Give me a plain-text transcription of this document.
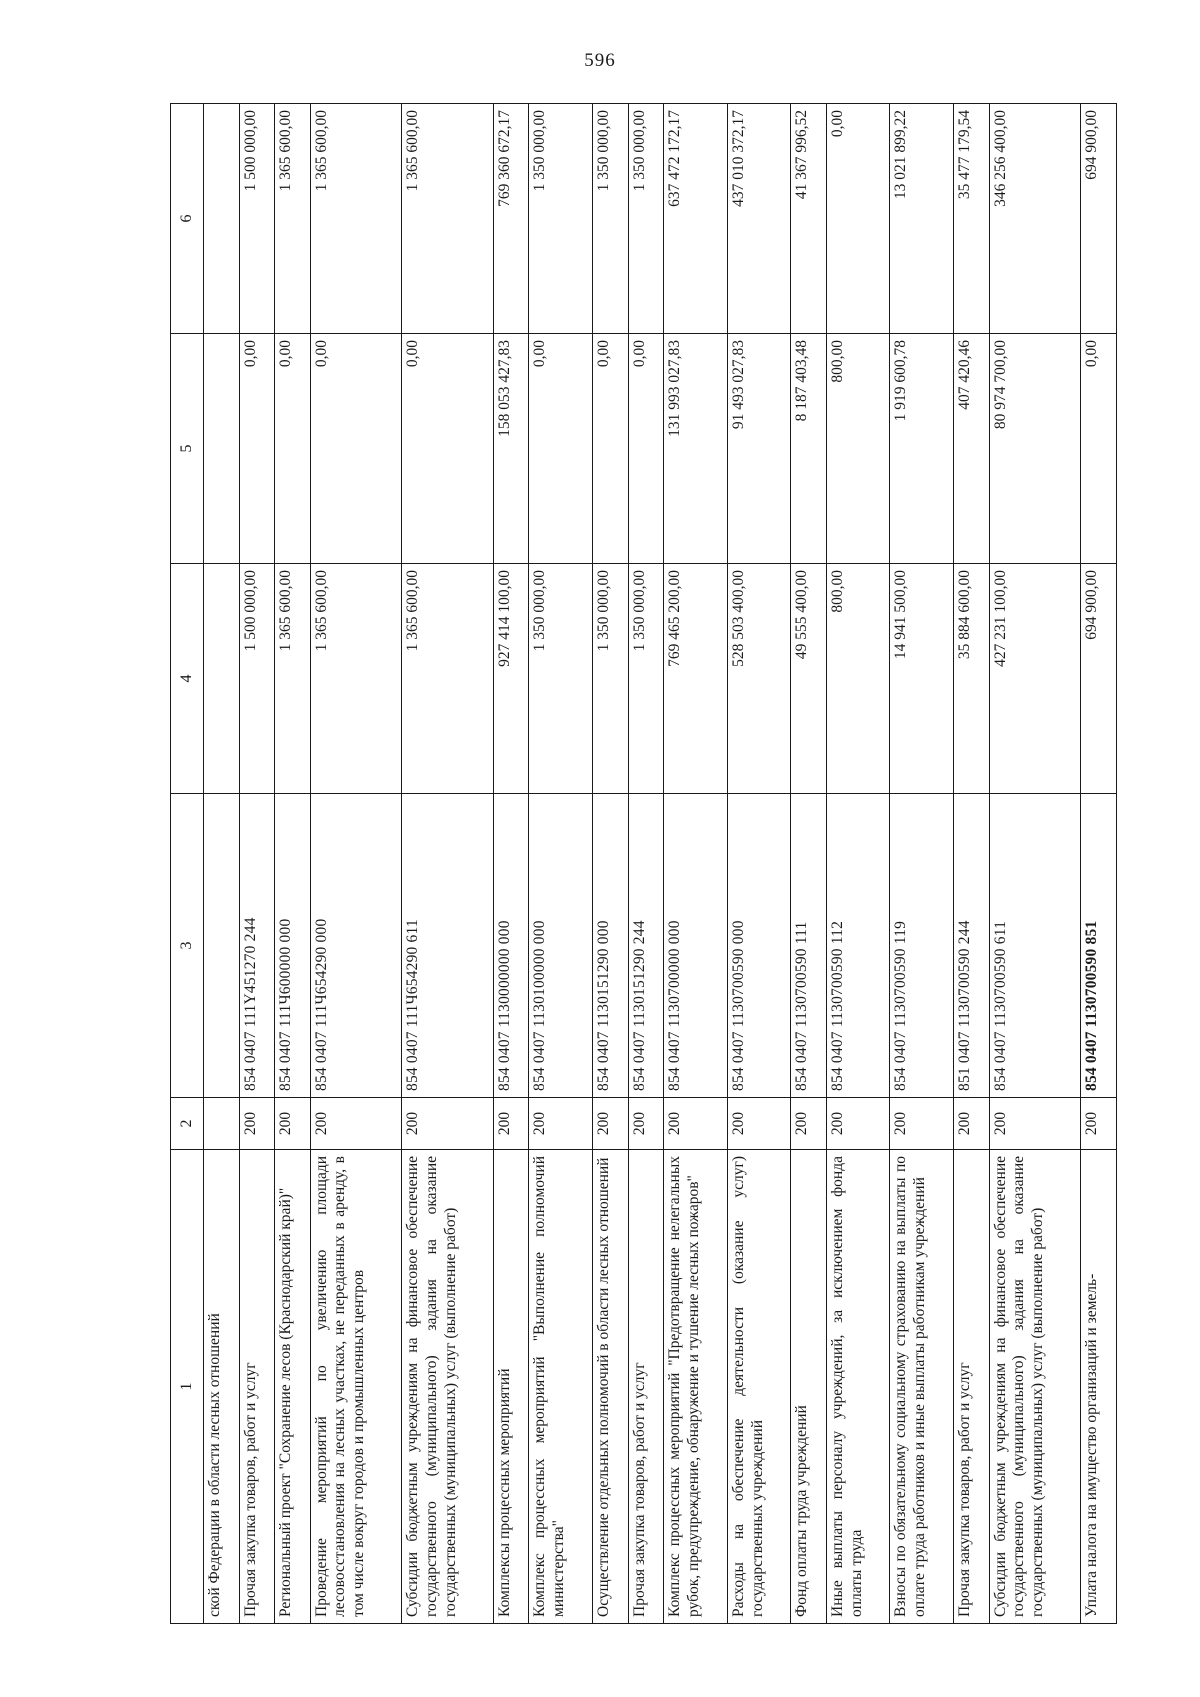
596
1	2	3	4	5	6
ской Федерации в области лесных отношений					
Прочая закупка товаров, работ и услуг	200	854 0407 111Y451270 244	1 500 000,00	0,00	1 500 000,00
Региональный проект "Сохранение лесов (Краснодарский край)"	200	854 0407 111Ч600000 000	1 365 600,00	0,00	1 365 600,00
Проведение мероприятий по увеличению площади лесовосстановления на лесных участках, не переданных в аренду, в том числе вокруг городов и промышленных центров	200	854 0407 111Ч654290 000	1 365 600,00	0,00	1 365 600,00
Субсидии бюджетным учреждениям на финансовое обеспечение государственного (муниципального) задания на оказание государственных (муниципальных) услуг (выполнение работ)	200	854 0407 111Ч654290 611	1 365 600,00	0,00	1 365 600,00
Комплексы процессных мероприятий	200	854 0407 1130000000 000	927 414 100,00	158 053 427,83	769 360 672,17
Комплекс процессных мероприятий "Выполнение полномочий министерства"	200	854 0407 1130100000 000	1 350 000,00	0,00	1 350 000,00
Осуществление отдельных полномочий в области лесных отношений	200	854 0407 1130151290 000	1 350 000,00	0,00	1 350 000,00
Прочая закупка товаров, работ и услуг	200	854 0407 1130151290 244	1 350 000,00	0,00	1 350 000,00
Комплекс процессных мероприятий "Предотвращение нелегальных рубок, предупреждение, обнаружение и тушение лесных пожаров"	200	854 0407 1130700000 000	769 465 200,00	131 993 027,83	637 472 172,17
Расходы на обеспечение деятельности (оказание услуг) государственных учреждений	200	854 0407 1130700590 000	528 503 400,00	91 493 027,83	437 010 372,17
Фонд оплаты труда учреждений	200	854 0407 1130700590 111	49 555 400,00	8 187 403,48	41 367 996,52
Иные выплаты персоналу учреждений, за исключением фонда оплаты труда	200	854 0407 1130700590 112	800,00	800,00	0,00
Взносы по обязательному социальному страхованию на выплаты по оплате труда работников и иные выплаты работникам учреждений	200	854 0407 1130700590 119	14 941 500,00	1 919 600,78	13 021 899,22
Прочая закупка товаров, работ и услуг	200	851 0407 1130700590 244	35 884 600,00	407 420,46	35 477 179,54
Субсидии бюджетным учреждениям на финансовое обеспечение государственного (муниципального) задания на оказание государственных (муниципальных) услуг (выполнение работ)	200	854 0407 1130700590 611	427 231 100,00	80 974 700,00	346 256 400,00
Уплата налога на имущество организаций и земель-	200	854 0407 1130700590 851	694 900,00	0,00	694 900,00
